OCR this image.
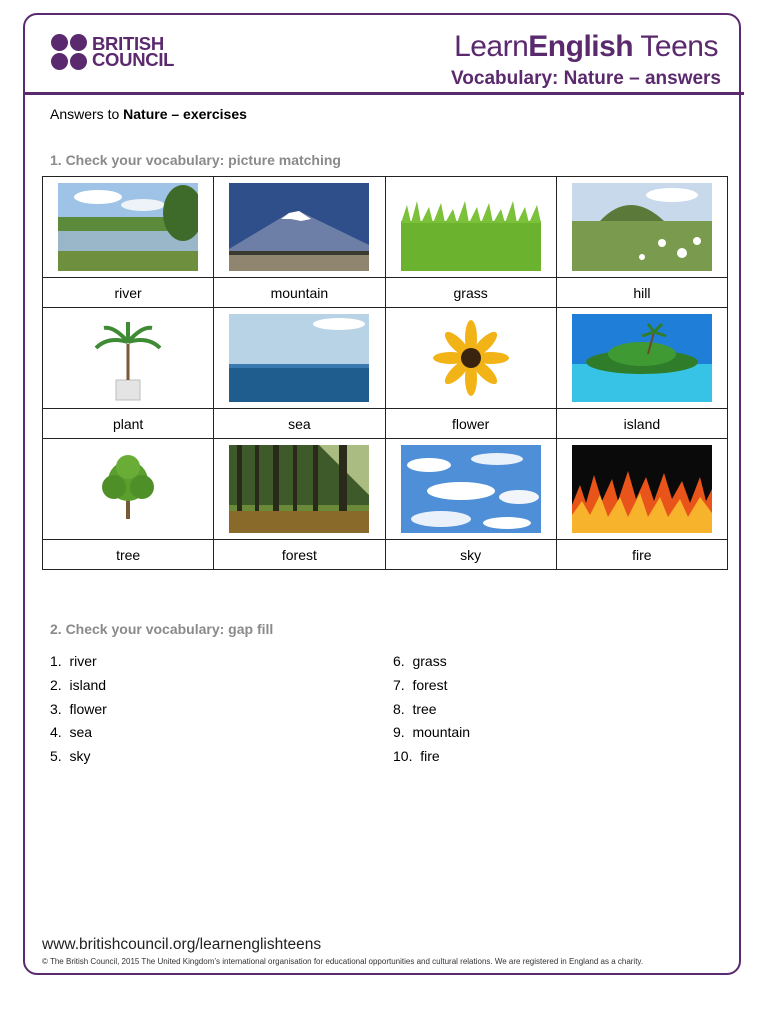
BRITISH
COUNCIL	LearnEnglish Teens
Vocabulary: Nature – answers
Answers to Nature – exercises
1. Check your vocabulary: picture matching

river	mountain	grass	hill

plant	sea	flower	island

tree	forest	sky	fire
2. Check your vocabulary: gap fill
1. river
2. island
3. flower
4. sea
5. sky
6. grass
7. forest
8. tree
9. mountain
10. fire
www.britishcouncil.org/learnenglishteens
© The British Council, 2015 The United Kingdom’s international organisation for educational opportunities and cultural relations. We are registered in England as a charity.
